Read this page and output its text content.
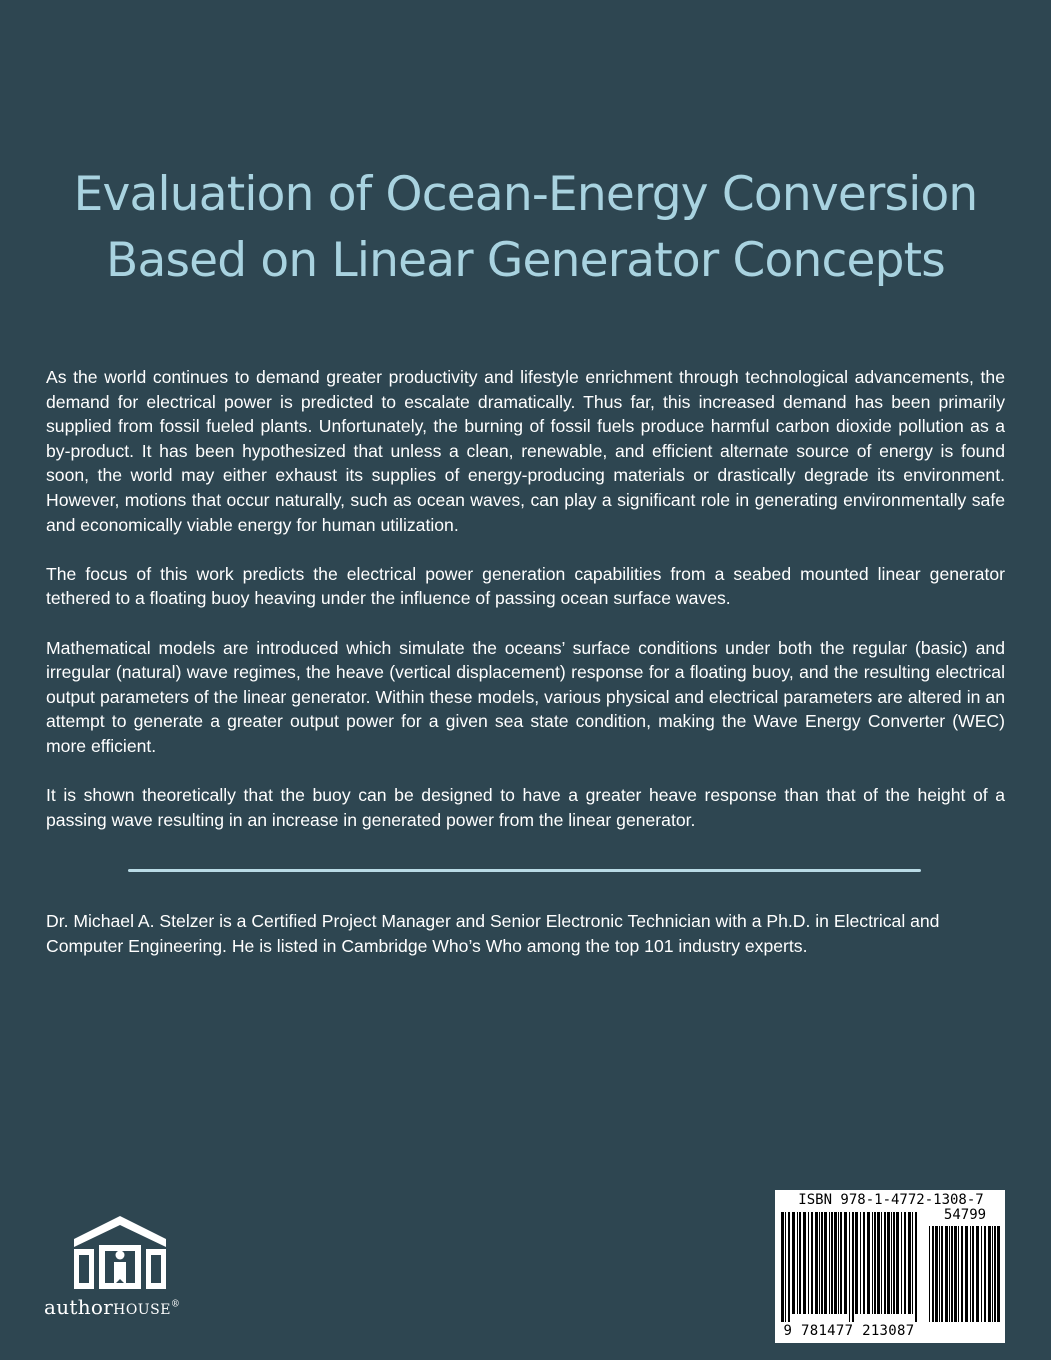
Evaluation of Ocean-Energy Conversion
Based on Linear Generator Concepts

As the world continues to demand greater productivity and lifestyle enrichment through technological advancements, the demand for electrical power is predicted to escalate dramatically. Thus far, this increased demand has been primarily supplied from fossil fueled plants. Unfortunately, the burning of fossil fuels produce harmful carbon dioxide pollution as a by-product. It has been hypothesized that unless a clean, renewable, and efficient alternate source of energy is found soon, the world may either exhaust its supplies of energy-producing materials or drastically degrade its environment. However, motions that occur naturally, such as ocean waves, can play a significant role in generating environmentally safe and economically viable energy for human utilization.

The focus of this work predicts the electrical power generation capabilities from a seabed mounted linear generator tethered to a floating buoy heaving under the influence of passing ocean surface waves.

Mathematical models are introduced which simulate the oceans’ surface conditions under both the regular (basic) and irregular (natural) wave regimes, the heave (vertical displacement) response for a floating buoy, and the resulting electrical output parameters of the linear generator. Within these models, various physical and electrical parameters are altered in an attempt to generate a greater output power for a given sea state condition, making the Wave Energy Converter (WEC) more efficient.

It is shown theoretically that the buoy can be designed to have a greater heave response than that of the height of a passing wave resulting in an increase in generated power from the linear generator.

Dr. Michael A. Stelzer is a Certified Project Manager and Senior Electronic Technician with a Ph.D. in Electrical and Computer Engineering. He is listed in Cambridge Who’s Who among the top 101 industry experts.

authorHOUSE®
ISBN 978-1-4772-1308-7
54799
9 781477 213087
